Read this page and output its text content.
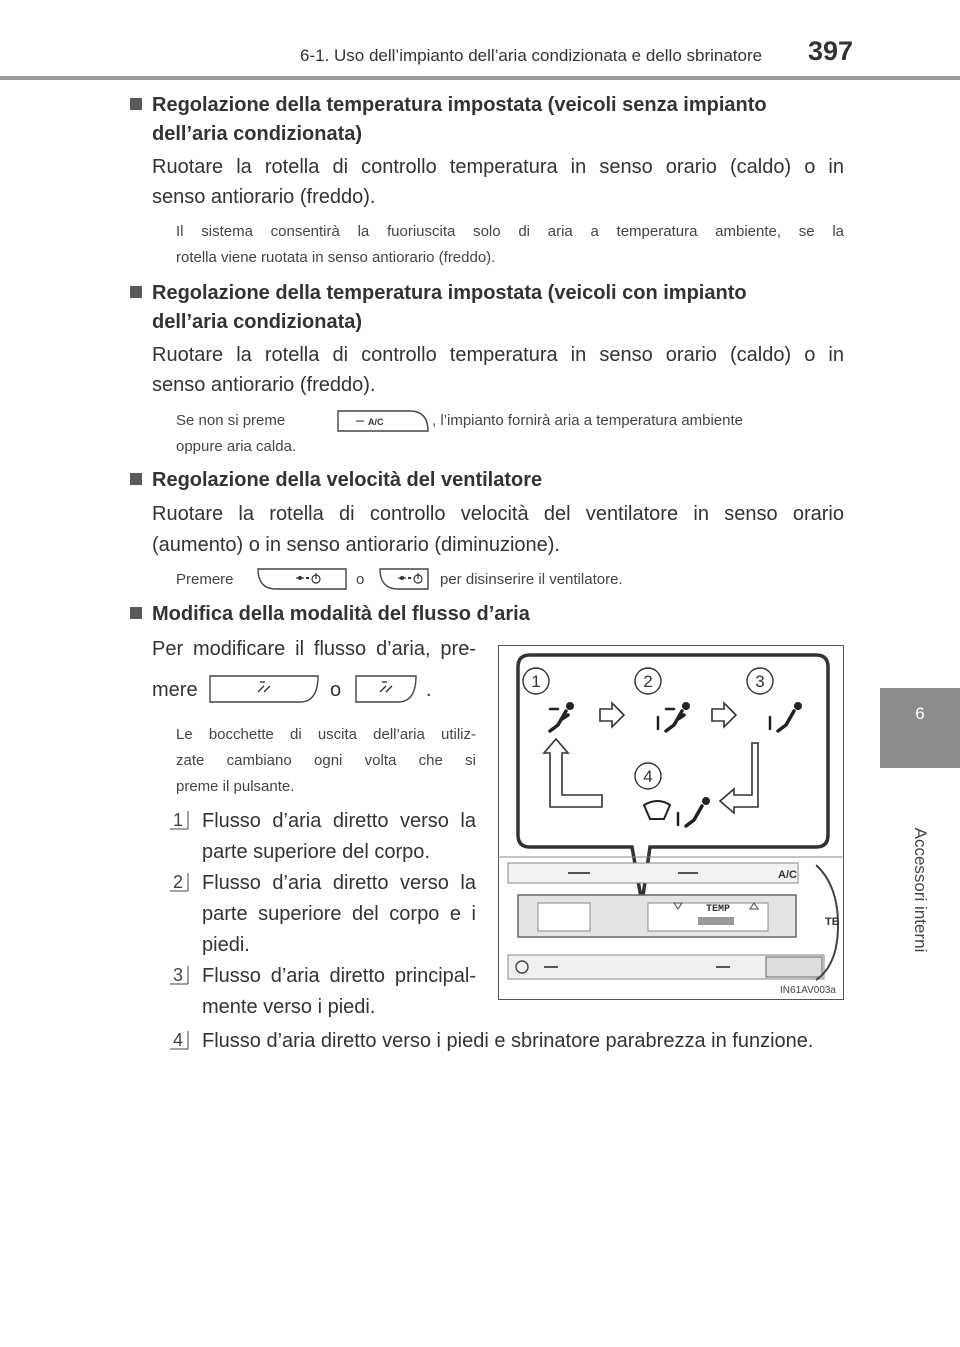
6-1. Uso dell’impianto dell’aria condizionata e dello sbrinatore 397
6
Accessori interni
Regolazione della temperatura impostata (veicoli senza impianto
dell’aria condizionata)
Ruotare la rotella di controllo temperatura in senso orario (caldo) o in
senso antiorario (freddo).
Il sistema consentirà la fuoriuscita solo di aria a temperatura ambiente, se la
rotella viene ruotata in senso antiorario (freddo).
Regolazione della temperatura impostata (veicoli con impianto
dell’aria condizionata)
Ruotare la rotella di controllo temperatura in senso orario (caldo) o in
senso antiorario (freddo).
Se non si preme	A/C	, l’impianto fornirà aria a temperatura ambiente
oppure aria calda.
Regolazione della velocità del ventilatore
Ruotare la rotella di controllo velocità del ventilatore in senso orario
(aumento) o in senso antiorario (diminuzione).
Premere	o	per disinserire il ventilatore.
Modifica della modalità del flusso d’aria
Per modificare il flusso d’aria, pre-
mere	o	.
Le bocchette di uscita dell’aria utiliz-
zate cambiano ogni volta che si
preme il pulsante.
1 Flusso d’aria diretto verso la
parte superiore del corpo.
2 Flusso d’aria diretto verso la
parte superiore del corpo e i
piedi.
3 Flusso d’aria diretto principal-
mente verso i piedi.
4 Flusso d’aria diretto verso i piedi e sbrinatore parabrezza in funzione.
1	2	3
4
A/C
TEMP
TE
IN61AV003a
